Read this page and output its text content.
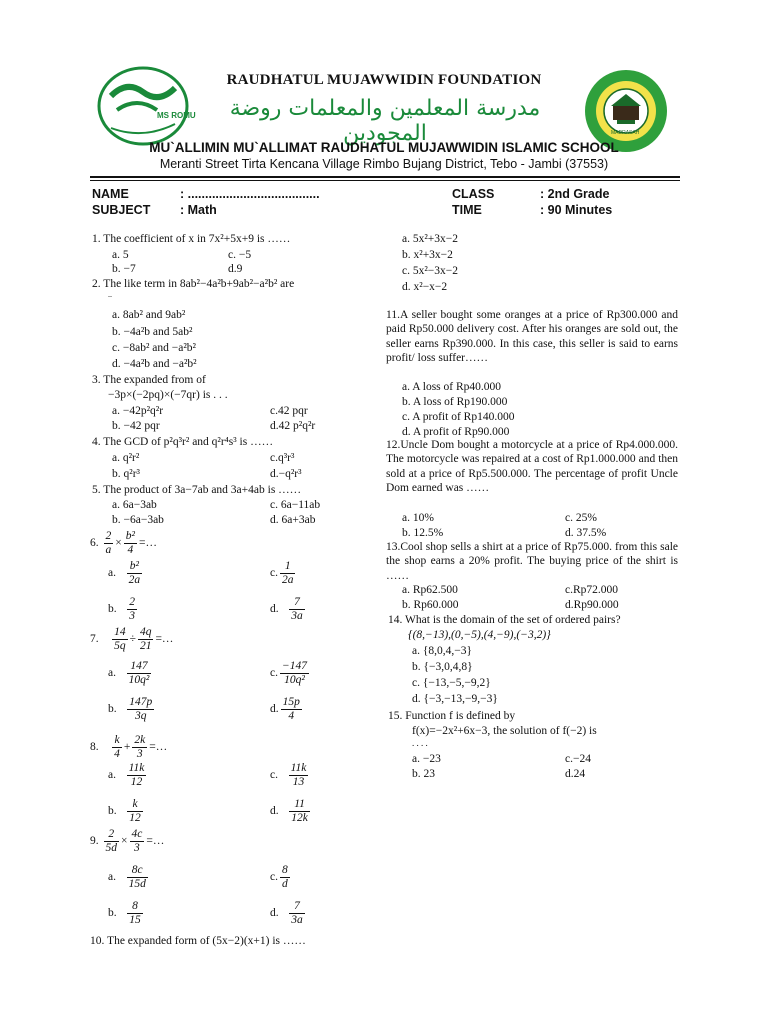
MS ROMU
MADRASAH
RAUDHATUL MUJAWWIDIN FOUNDATION
مدرسة المعلمين والمعلمات روضة المجودين
MU`ALLIMIN MU`ALLIMAT RAUDHATUL MUJAWWIDIN ISLAMIC SCHOOL
Meranti Street Tirta Kencana Village Rimbo Bujang District, Tebo - Jambi (37553)
NAME	: ......................................
SUBJECT : Math
CLASS	: 2nd Grade
TIME	: 90 Minutes
1. The coefficient of x in 7x²+5x+9 is ……
a. 5	c. −5
b. −7	d.9
2. The like term in 8ab²−4a²b+9ab²−a²b² are
..
a. 8ab² and 9ab²
b. −4a²b and 5ab²
c. −8ab² and −a²b²
d. −4a²b and −a²b²
3. The expanded from of
−3p×(−2pq)×(−7qr) is . . .
a. −42p²q²r	c.42 pqr
b. −42 pqr	d.42 p²q²r
4. The GCD of p²q³r² and q²r⁴s³ is ……
a. q²r²	c.q³r³
b. q²r³	d.−q²r³
5. The product of 3a−7ab and 3a+4ab is ……
a. 6a−3ab	c. 6a−11ab
b. −6a−3ab	d. 6a+3ab
6. $\frac{2}{a} \times \frac{\text{b²}}{4}$ =…
a. $\frac{\text{b²}}{2a}$	c. $\frac{1}{2a}$
b. $\frac{2}{3}$	d. $\frac{7}{3a}$
7. $\frac{14}{5q} \div \frac{4q}{21}$ =…
a. $\frac{147}{\text{10q²}}$	c. $\frac{-147}{\text{10q²}}$
b. $\frac{147p}{3q}$	d. $\frac{15p}{4}$
8. $\frac{k}{4} + \frac{2k}{3}$ =…
a. $\frac{11k}{12}$	c. $\frac{11k}{13}$
b. $\frac{k}{12}$	d. $\frac{11}{12k}$
9. $\frac{2}{5d} \times \frac{4c}{3}$ =…
a. $\frac{8c}{15d}$	c. $\frac{8}{d}$
b. $\frac{8}{15}$	d. $\frac{7}{3a}$
10. The expanded form of (5x−2)(x+1) is ……
a. 5x²+3x−2
b. x²+3x−2
c. 5x²−3x−2
d. x²−x−2
11.A seller bought some oranges at a price of Rp300.000 and paid Rp50.000 delivery cost. After his oranges are sold out, the seller earns Rp390.000. In this case, this seller is said to earns profit/ loss suffer……
a. A loss of Rp40.000
b. A loss of Rp190.000
c. A profit of Rp140.000
d. A profit of Rp90.000
12.Uncle Dom bought a motorcycle at a price of Rp4.000.000. The motorcycle was repaired at a cost of Rp1.000.000 and then sold at a price of Rp5.500.000. The percentage of profit Uncle Dom earned was ……
a. 10%	c. 25%
b. 12.5%	d. 37.5%
13.Cool shop sells a shirt at a price of Rp75.000. from this sale the shop earns a 20% profit. The buying price of the shirt is ……
a. Rp62.500	c.Rp72.000
b. Rp60.000	d.Rp90.000
14. What is the domain of the set of ordered pairs?
{(8,−13),(0,−5),(4,−9),(−3,2)}
a. {8,0,4,−3}
b. {−3,0,4,8}
c. {−13,−5,−9,2}
d. {−3,−13,−9,−3}
15. Function f is defined by
f(x)=−2x²+6x−3, the solution of f(−2) is
. . . .
a. −23	c.−24
b. 23	d.24
